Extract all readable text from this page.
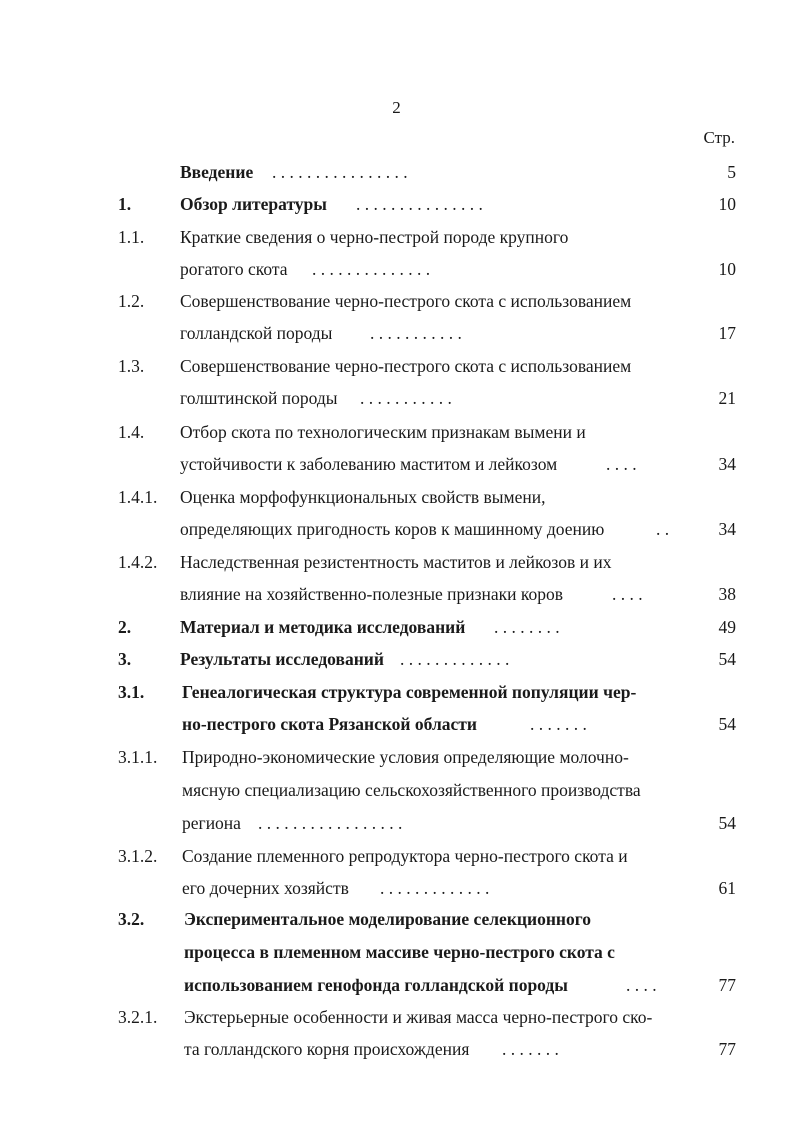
2
Стр.
Введение . . . . . . . . . . . . . . . .	5
1.	Обзор литературы . . . . . . . . . . . . . . .	10
1.1. Краткие сведения о черно-пестрой породе крупного
рогатого скота . . . . . . . . . . . . . .	10
1.2. Совершенствование черно-пестрого скота с использованием
голландской породы . . . . . . . . . . .	17
1.3. Совершенствование черно-пестрого скота с использованием
голштинской породы . . . . . . . . . . .	21
1.4. Отбор скота по технологическим признакам вымени и
устойчивости к заболеванию маститом и лейкозом	. . . .	34
1.4.1. Оценка морфофункциональных свойств вымени,
определяющих пригодность коров к машинному доению	. .	34
1.4.2. Наследственная резистентность маститов и лейкозов и их
влияние на хозяйственно-полезные признаки коров	. . . .	38
2.	Материал и методика исследований . . . . . . . .	49
3.	Результаты исследований . . . . . . . . . . . . .	54
3.1. Генеалогическая структура современной популяции чер-
но-пестрого скота Рязанской области	. . . . . . .	54
3.1.1. Природно-экономические условия определяющие молочно-
мясную специализацию сельскохозяйственного производства
региона . . . . . . . . . . . . . . . . .	54
3.1.2. Создание племенного репродуктора черно-пестрого скота и
его дочерних хозяйств . . . . . . . . . . . . .	61
3.2. Экспериментальное моделирование селекционного
процесса в племенном массиве черно-пестрого скота с
использованием генофонда голландской породы	. . . .	77
3.2.1. Экстерьерные особенности и живая масса черно-пестрого ско-
та голландского корня происхождения . . . . . . .	77
